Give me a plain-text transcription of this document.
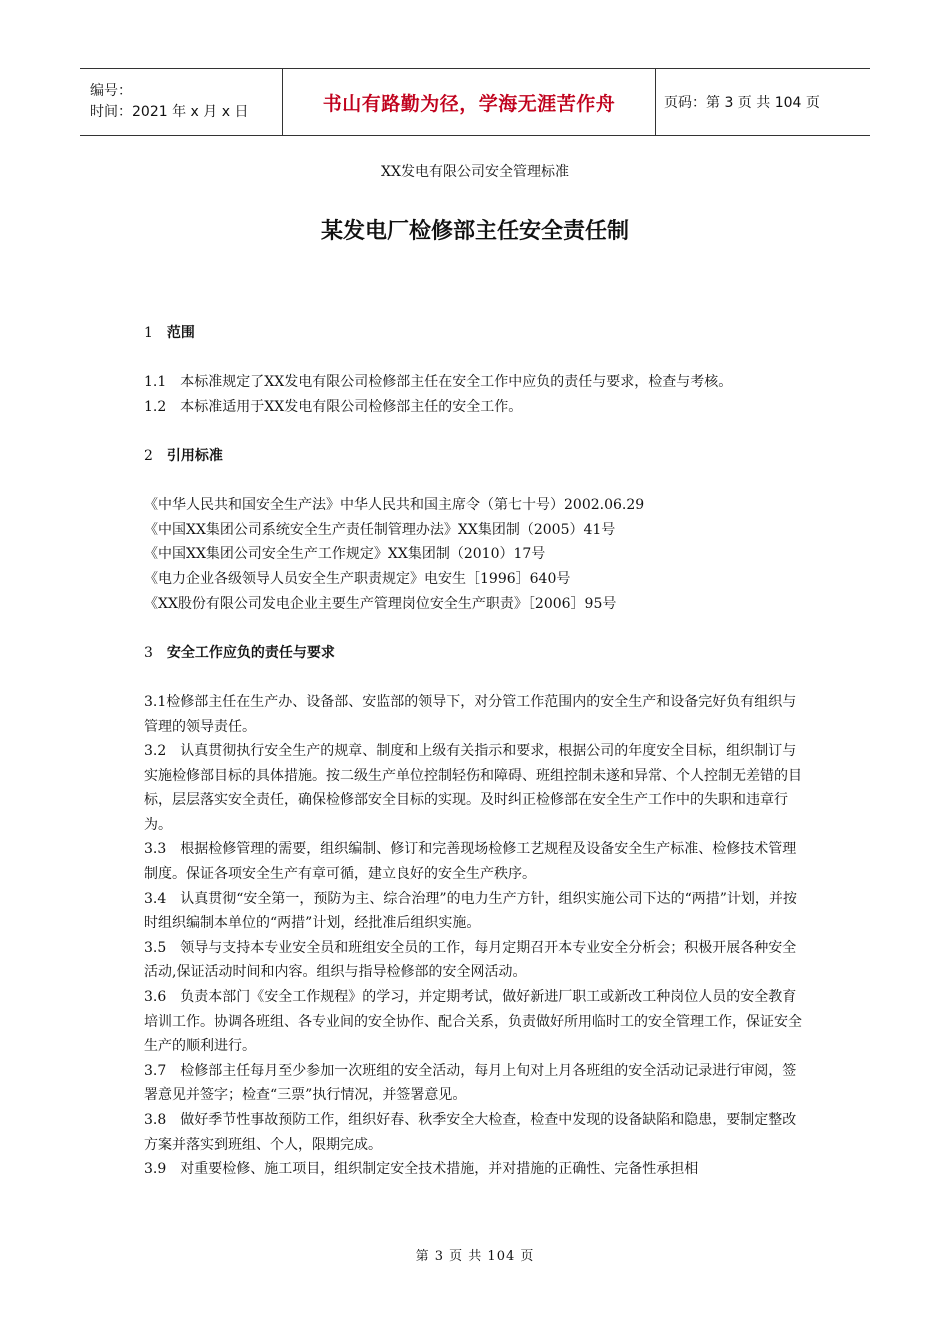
编号：
时间：2021 年 x 月 x 日	书山有路勤为径，学海无涯苦作舟	页码：第 3 页 共 104 页
XX发电有限公司安全管理标准
某发电厂检修部主任安全责任制
1 范围

1.1　本标准规定了XX发电有限公司检修部主任在安全工作中应负的责任与要求，检查与考核。

1.2　本标准适用于XX发电有限公司检修部主任的安全工作。

2 引用标准

《中华人民共和国安全生产法》中华人民共和国主席令（第七十号）2002.06.29

《中国XX集团公司系统安全生产责任制管理办法》XX集团制（2005）41号

《中国XX集团公司安全生产工作规定》XX集团制（2010）17号

《电力企业各级领导人员安全生产职责规定》电安生［1996］640号

《XX股份有限公司发电企业主要生产管理岗位安全生产职责》［2006］95号

3 安全工作应负的责任与要求

3.1检修部主任在生产办、设备部、安监部的领导下，对分管工作范围内的安全生产和设备完好负有组织与管理的领导责任。

3.2　认真贯彻执行安全生产的规章、制度和上级有关指示和要求，根据公司的年度安全目标，组织制订与实施检修部目标的具体措施。按二级生产单位控制轻伤和障碍、班组控制未遂和异常、个人控制无差错的目标，层层落实安全责任，确保检修部安全目标的实现。及时纠正检修部在安全生产工作中的失职和违章行为。

3.3　根据检修管理的需要，组织编制、修订和完善现场检修工艺规程及设备安全生产标准、检修技术管理制度。保证各项安全生产有章可循，建立良好的安全生产秩序。

3.4　认真贯彻“安全第一，预防为主、综合治理”的电力生产方针，组织实施公司下达的“两措”计划，并按时组织编制本单位的“两措”计划，经批准后组织实施。

3.5　领导与支持本专业安全员和班组安全员的工作，每月定期召开本专业安全分析会；积极开展各种安全活动,保证活动时间和内容。组织与指导检修部的安全网活动。

3.6　负责本部门《安全工作规程》的学习，并定期考试，做好新进厂职工或新改工种岗位人员的安全教育培训工作。协调各班组、各专业间的安全协作、配合关系，负责做好所用临时工的安全管理工作，保证安全生产的顺利进行。

3.7　检修部主任每月至少参加一次班组的安全活动，每月上旬对上月各班组的安全活动记录进行审阅，签署意见并签字；检查“三票”执行情况，并签署意见。

3.8　做好季节性事故预防工作，组织好春、秋季安全大检查，检查中发现的设备缺陷和隐患，要制定整改方案并落实到班组、个人，限期完成。

3.9　对重要检修、施工项目，组织制定安全技术措施，并对措施的正确性、完备性承担相

第 3 页 共 104 页
